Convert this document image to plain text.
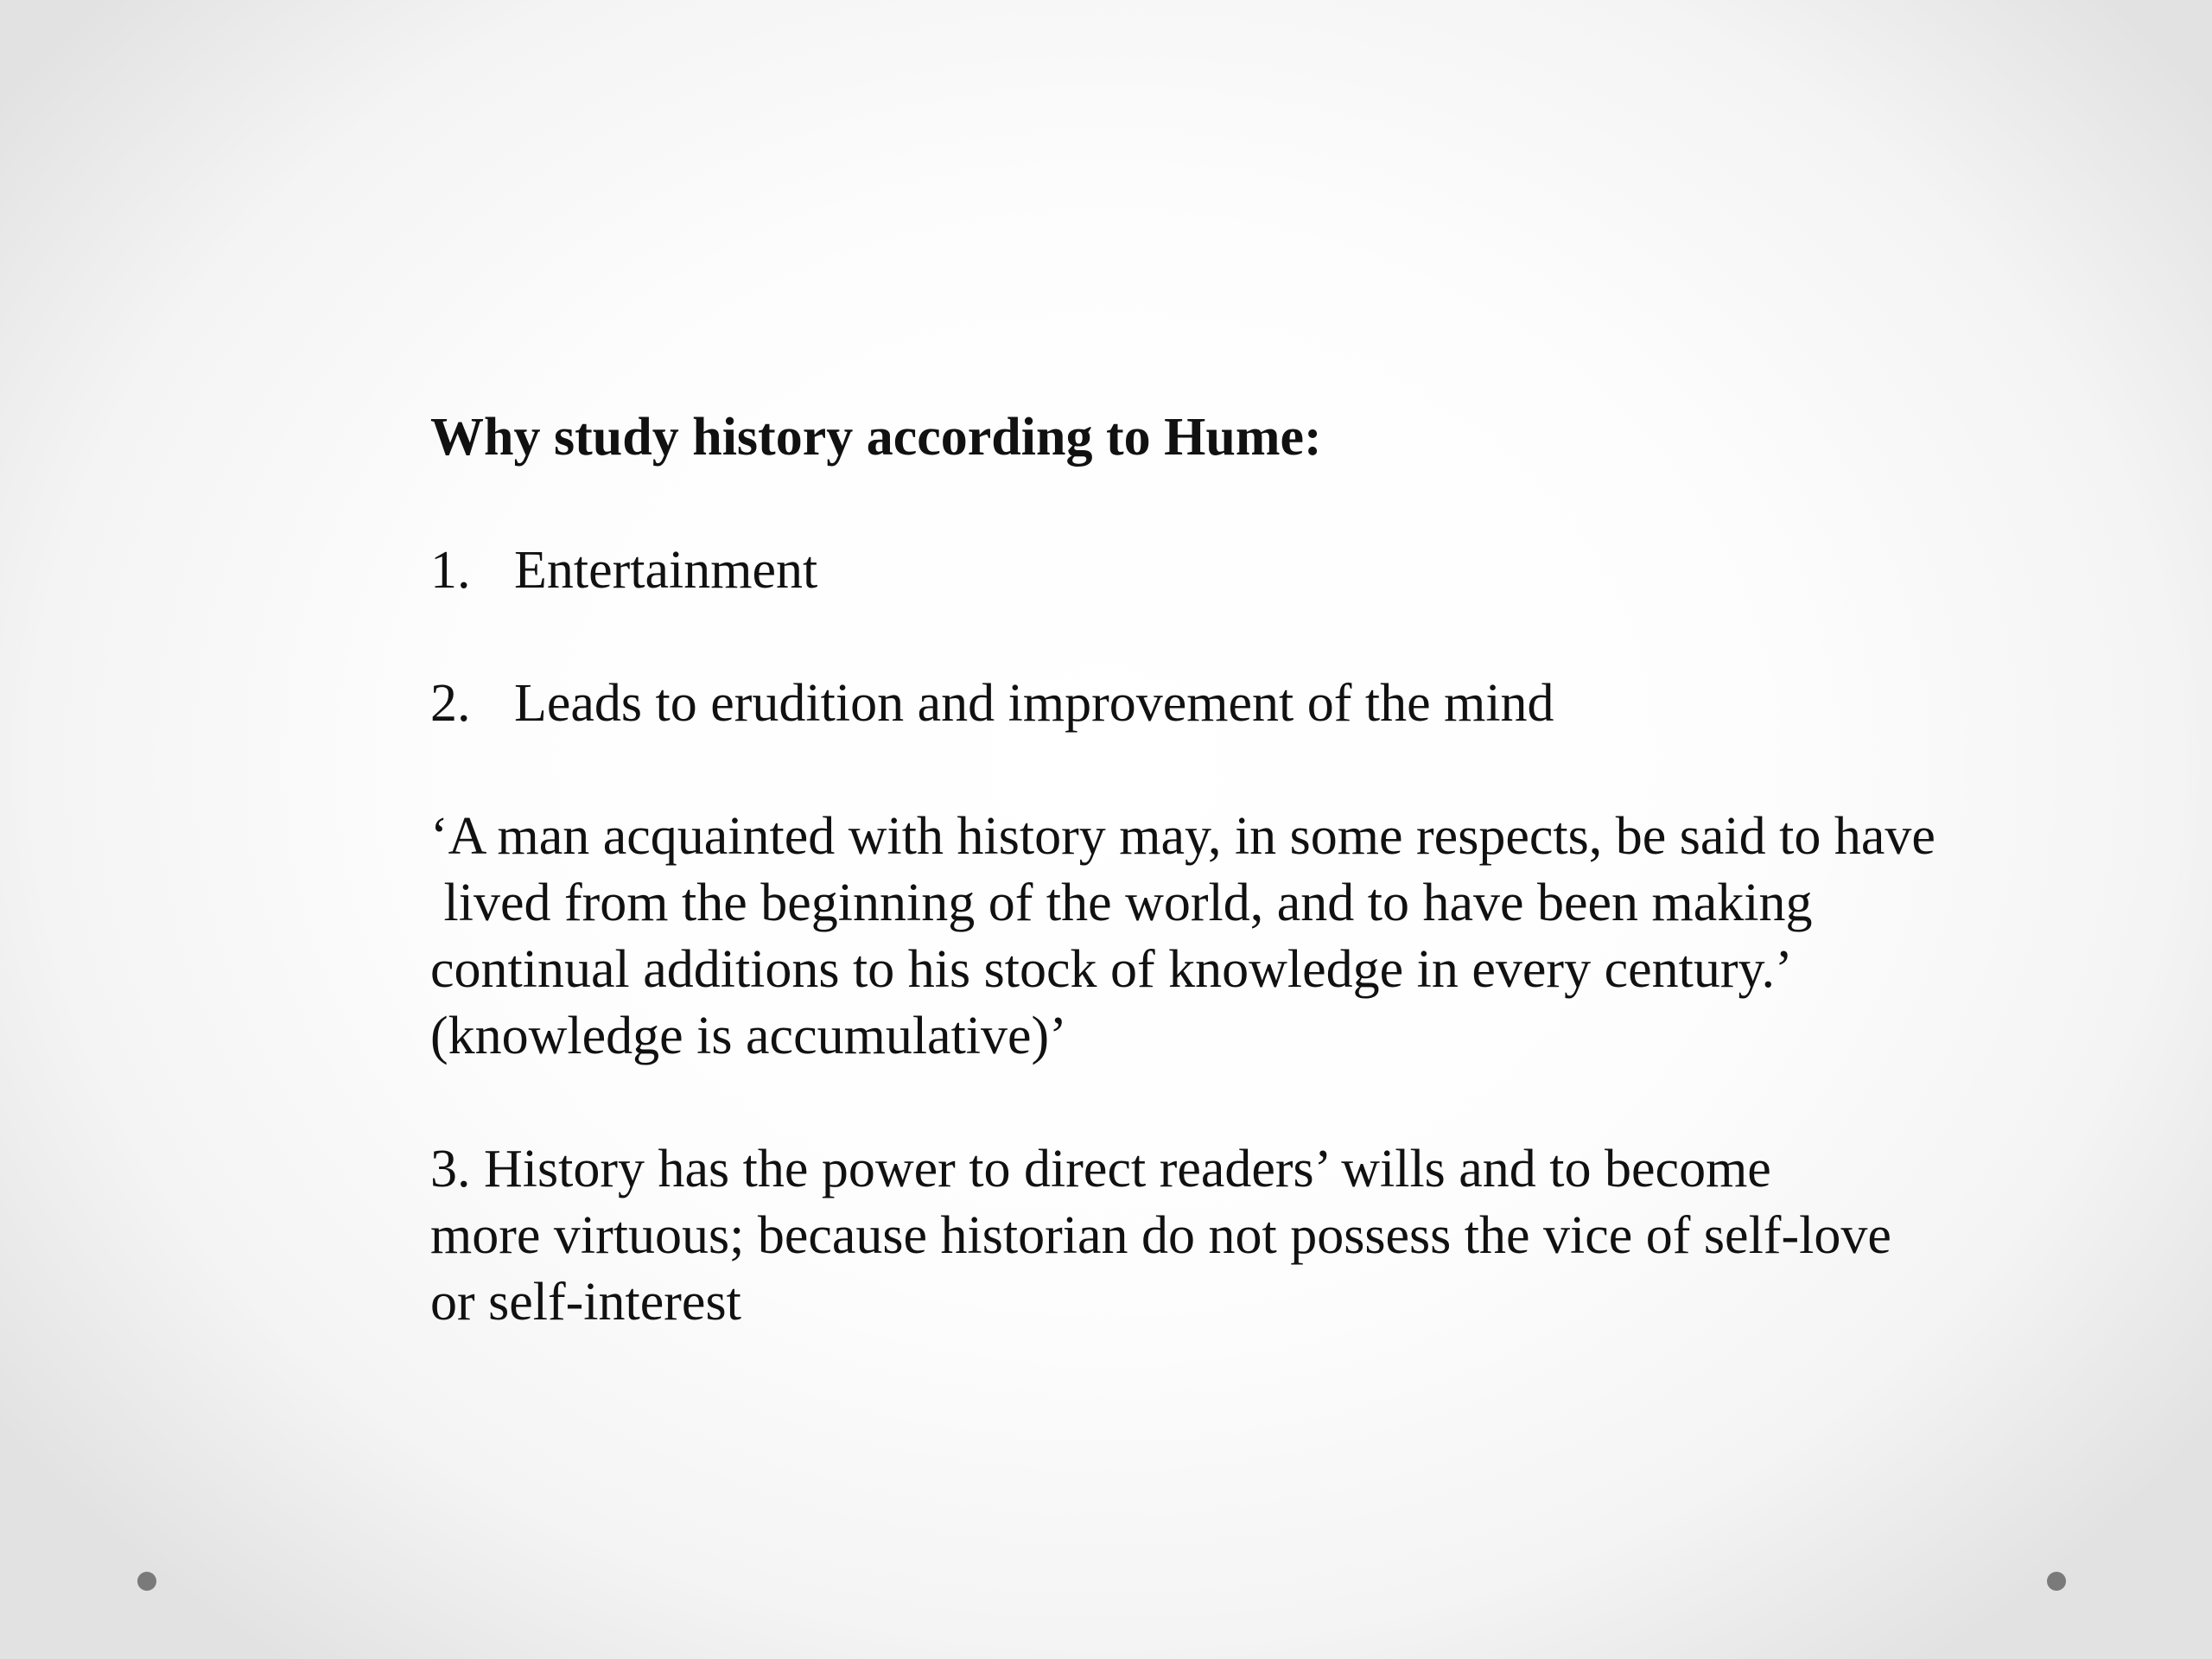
Why study history according to Hume:
1. Entertainment
2. Leads to erudition and improvement of the mind
‘A man acquainted with history may, in some respects, be said to have
lived from the beginning of the world, and to have been making
continual additions to his stock of knowledge in every century.’
(knowledge is accumulative)’
3. History has the power to direct readers’ wills and to become
more virtuous; because historian do not possess the vice of self-love
or self-interest
